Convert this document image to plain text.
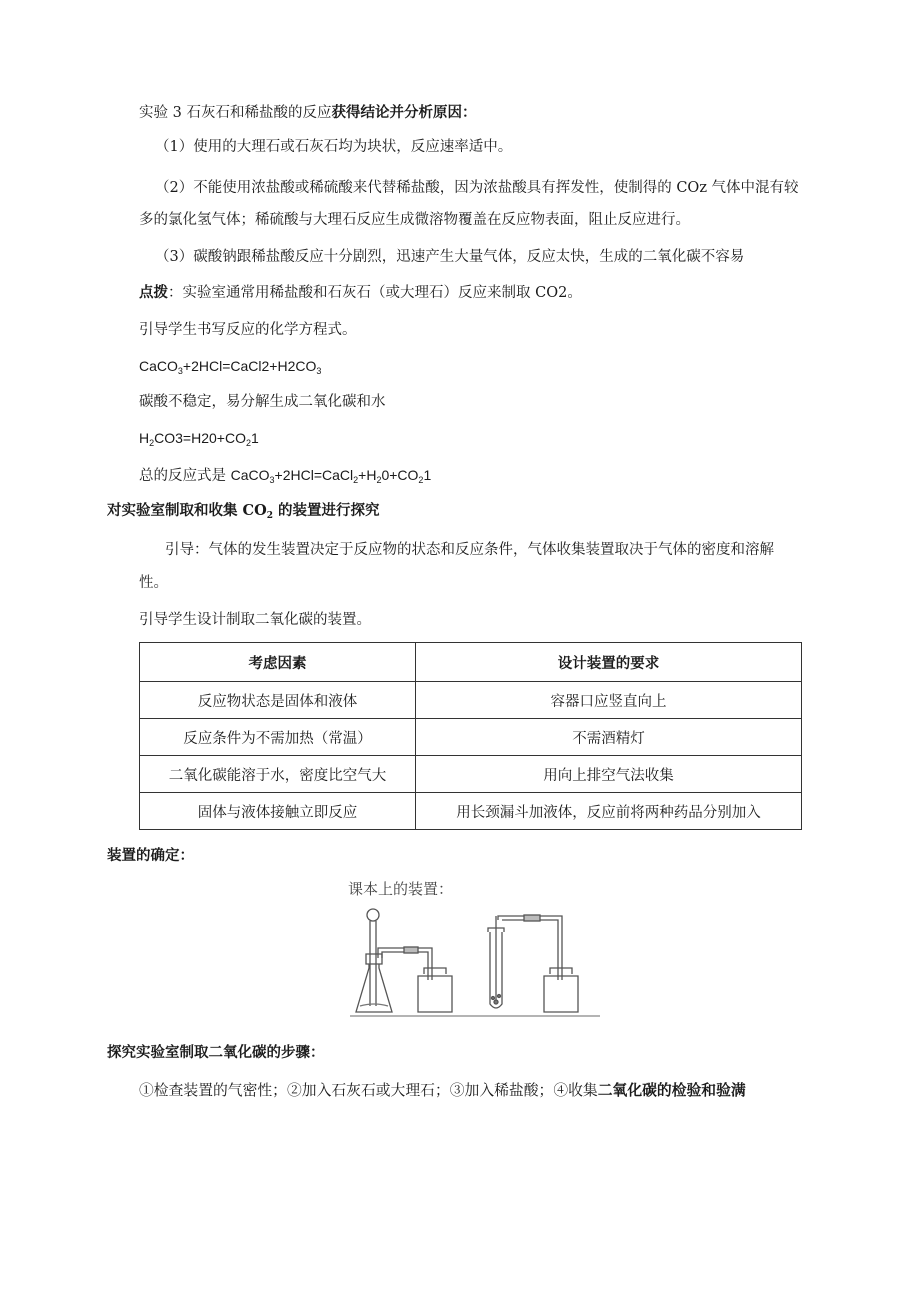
实验 3 石灰石和稀盐酸的反应获得结论并分析原因：
（1）使用的大理石或石灰石均为块状，反应速率适中。
（2）不能使用浓盐酸或稀硫酸来代替稀盐酸，因为浓盐酸具有挥发性，使制得的 COz 气体中混有较
多的氯化氢气体；稀硫酸与大理石反应生成微溶物覆盖在反应物表面，阻止反应进行。
（3）碳酸钠跟稀盐酸反应十分剧烈，迅速产生大量气体，反应太快，生成的二氧化碳不容易
点拨：实验室通常用稀盐酸和石灰石（或大理石）反应来制取 CO2。
引导学生书写反应的化学方程式。
$CaCO_3+2HCl=CaCl2+H2CO_3$
碳酸不稳定，易分解生成二氧化碳和水
$H_2CO3=H20+CO_21$
总的反应式是 $CaCO_3+2HCl=CaCl_2+H_20+CO_21$
对实验室制取和收集 $CO_2$ 的装置进行探究
引导：气体的发生装置决定于反应物的状态和反应条件，气体收集装置取决于气体的密度和溶解
性。
引导学生设计制取二氧化碳的装置。
考虑因素	设计装置的要求
反应物状态是固体和液体	容器口应竖直向上
反应条件为不需加热（常温）	不需酒精灯
二氧化碳能溶于水，密度比空气大	用向上排空气法收集
固体与液体接触立即反应	用长颈漏斗加液体，反应前将两种药品分别加入
装置的确定：
课本上的装置：
探究实验室制取二氧化碳的步骤：
①检查装置的气密性；②加入石灰石或大理石；③加入稀盐酸；④收集二氧化碳的检验和验满
